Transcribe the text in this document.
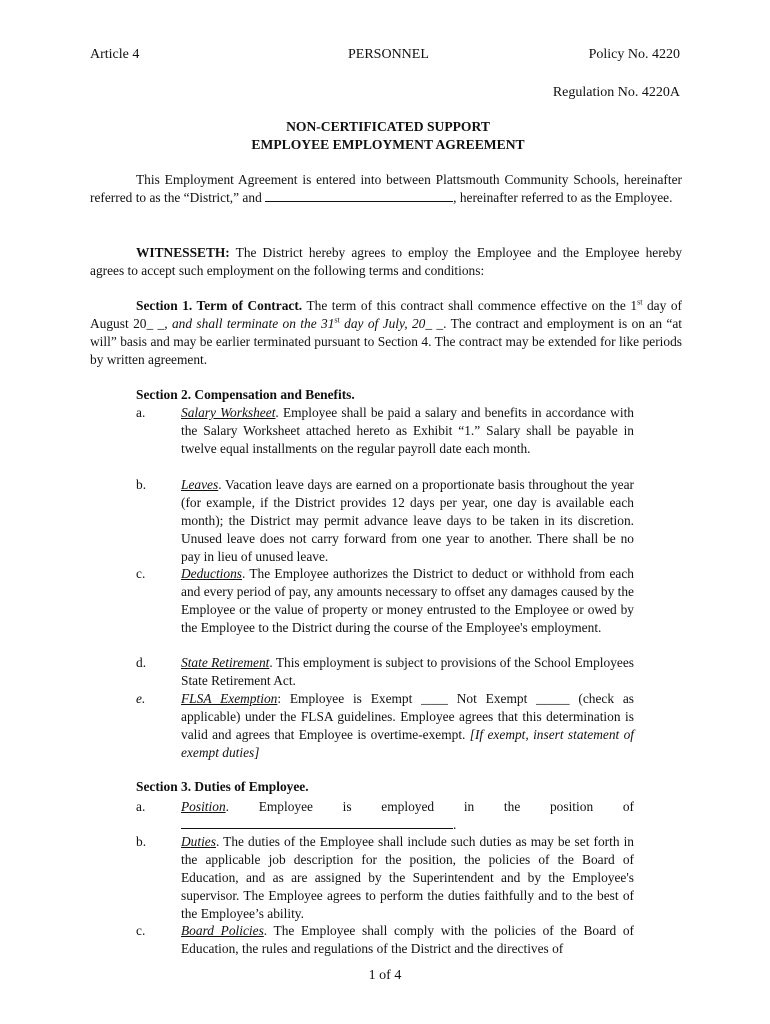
Article 4	PERSONNEL	Policy No. 4220
Regulation No. 4220A
NON-CERTIFICATED SUPPORT
EMPLOYEE EMPLOYMENT AGREEMENT

This Employment Agreement is entered into between Plattsmouth Community Schools, hereinafter referred to as the “District,” and	, hereinafter referred to as the Employee.

WITNESSETH: The District hereby agrees to employ the Employee and the Employee hereby agrees to accept such employment on the following terms and conditions:

Section 1. Term of Contract. The term of this contract shall commence effective on the 1st day of August 20_ _, and shall terminate on the 31st day of July, 20_ _. The contract and employment is on an “at will” basis and may be earlier terminated pursuant to Section 4. The contract may be extended for like periods by written agreement.

Section 2. Compensation and Benefits.
a.	Salary Worksheet. Employee shall be paid a salary and benefits in accordance with the Salary Worksheet attached hereto as Exhibit “1.” Salary shall be payable in twelve equal installments on the regular payroll date each month.
b.	Leaves. Vacation leave days are earned on a proportionate basis throughout the year (for example, if the District provides 12 days per year, one day is available each month); the District may permit advance leave days to be taken in its discretion. Unused leave does not carry forward from one year to another. There shall be no pay in lieu of unused leave.
c.	Deductions. The Employee authorizes the District to deduct or withhold from each and every period of pay, any amounts necessary to offset any damages caused by the Employee or the value of property or money entrusted to the Employee or owed by the Employee to the District during the course of the Employee's employment.
d.	State Retirement. This employment is subject to provisions of the School Employees State Retirement Act.
e.	FLSA Exemption: Employee is Exempt ____ Not Exempt _____ (check as applicable) under the FLSA guidelines. Employee agrees that this determination is valid and agrees that Employee is overtime-exempt. [If exempt, insert statement of exempt duties]
Section 3. Duties of Employee.
a.	Position. Employee is employed in the position of
.
b.	Duties. The duties of the Employee shall include such duties as may be set forth in the applicable job description for the position, the policies of the Board of Education, and as are assigned by the Superintendent and by the Employee's supervisor. The Employee agrees to perform the duties faithfully and to the best of the Employee’s ability.
c.	Board Policies. The Employee shall comply with the policies of the Board of Education, the rules and regulations of the District and the directives of
1 of 4
